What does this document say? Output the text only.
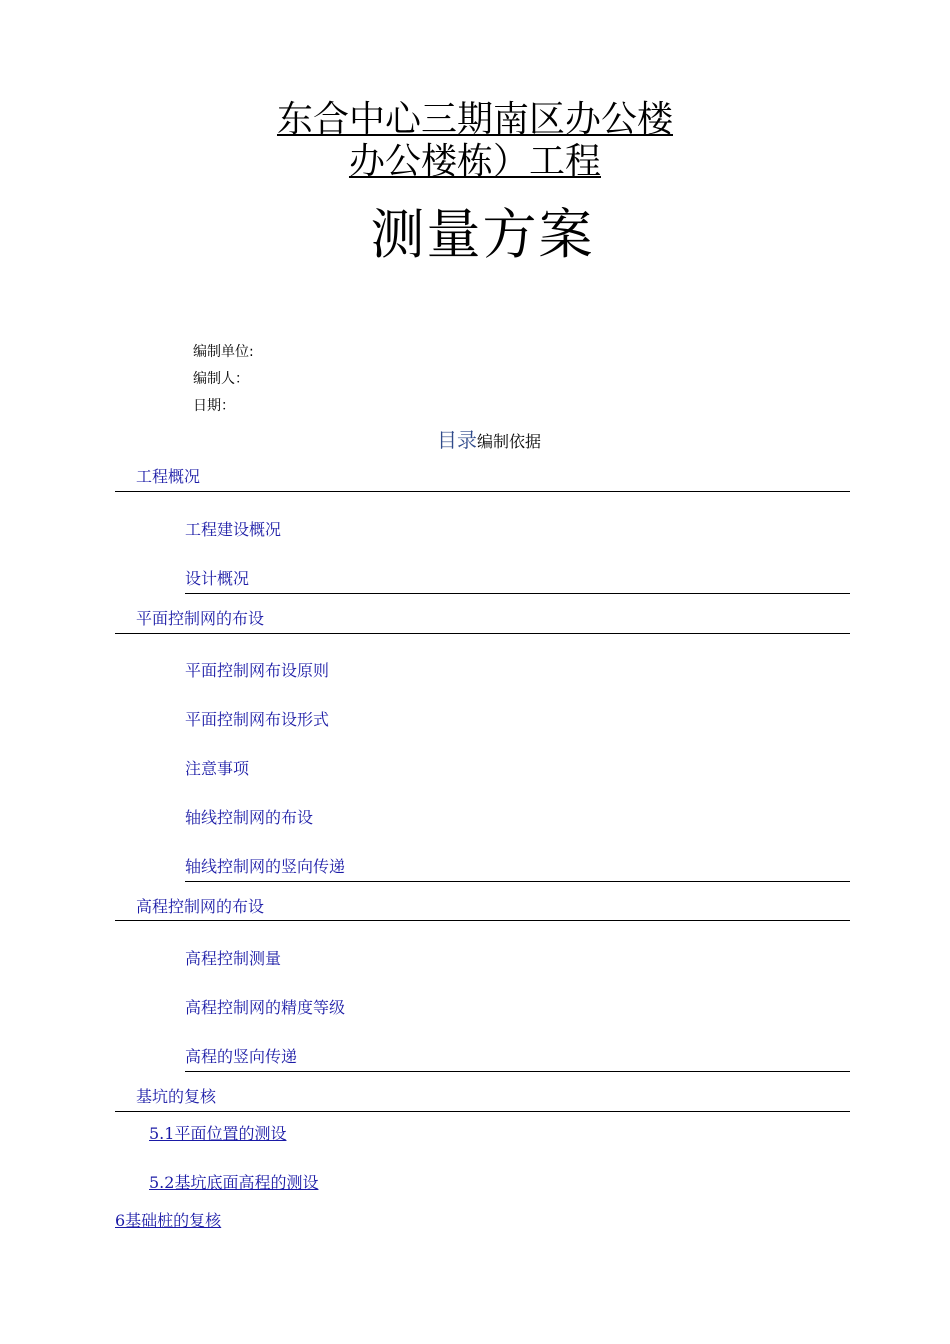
东合中心三期南区办公楼
办公楼栋）工程
测量方案
编制单位:
编制人：
日期：
目录编制依据
工程概况
工程建设概况
设计概况
平面控制网的布设
平面控制网布设原则
平面控制网布设形式
注意事项
轴线控制网的布设
轴线控制网的竖向传递
高程控制网的布设
高程控制测量
高程控制网的精度等级
高程的竖向传递
基坑的复核
5.1平面位置的测设
5.2基坑底面高程的测设
6基础桩的复核
